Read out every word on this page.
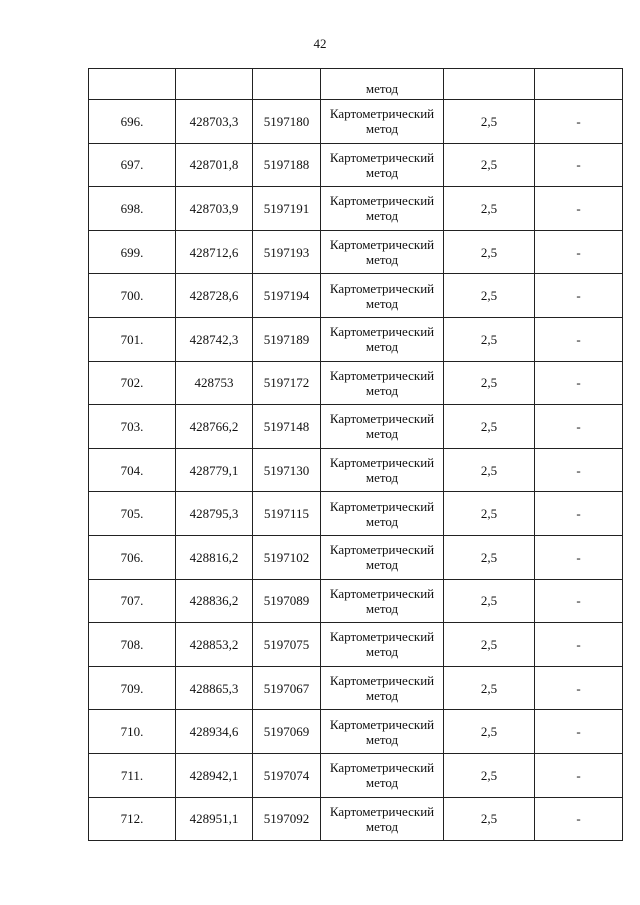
42
			метод		
696.	428703,3	5197180	Картометрический
метод	2,5	-
697.	428701,8	5197188	Картометрический
метод	2,5	-
698.	428703,9	5197191	Картометрический
метод	2,5	-
699.	428712,6	5197193	Картометрический
метод	2,5	-
700.	428728,6	5197194	Картометрический
метод	2,5	-
701.	428742,3	5197189	Картометрический
метод	2,5	-
702.	428753	5197172	Картометрический
метод	2,5	-
703.	428766,2	5197148	Картометрический
метод	2,5	-
704.	428779,1	5197130	Картометрический
метод	2,5	-
705.	428795,3	5197115	Картометрический
метод	2,5	-
706.	428816,2	5197102	Картометрический
метод	2,5	-
707.	428836,2	5197089	Картометрический
метод	2,5	-
708.	428853,2	5197075	Картометрический
метод	2,5	-
709.	428865,3	5197067	Картометрический
метод	2,5	-
710.	428934,6	5197069	Картометрический
метод	2,5	-
711.	428942,1	5197074	Картометрический
метод	2,5	-
712.	428951,1	5197092	Картометрический
метод	2,5	-
